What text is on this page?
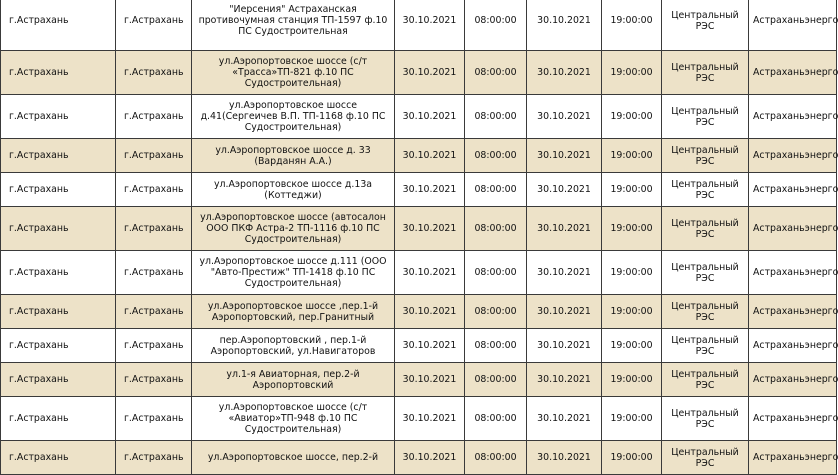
г.Астрахань	г.Астрахань	"Иерсения" Астраханская противочумная станция ТП-1597 ф.10 ПС Судостроительная	30.10.2021	08:00:00	30.10.2021	19:00:00	Центральный РЭС	Астраханьэнерго
г.Астрахань	г.Астрахань	ул.Аэропортовское шоссе (с/т «Трасса»ТП-821 ф.10 ПС Судостроительная)	30.10.2021	08:00:00	30.10.2021	19:00:00	Центральный РЭС	Астраханьэнерго
г.Астрахань	г.Астрахань	ул.Аэропортовское шоссе д.41(Сергеичев В.П. ТП-1168 ф.10 ПС Судостроительная)	30.10.2021	08:00:00	30.10.2021	19:00:00	Центральный РЭС	Астраханьэнерго
г.Астрахань	г.Астрахань	ул.Аэропортовское шоссе д. 33 (Варданян А.А.)	30.10.2021	08:00:00	30.10.2021	19:00:00	Центральный РЭС	Астраханьэнерго
г.Астрахань	г.Астрахань	ул.Аэропортовское шоссе д.13а (Коттеджи)	30.10.2021	08:00:00	30.10.2021	19:00:00	Центральный РЭС	Астраханьэнерго
г.Астрахань	г.Астрахань	ул.Аэропортовское шоссе (автосалон ООО ПКФ Астра-2 ТП-1116 ф.10 ПС Судостроительная)	30.10.2021	08:00:00	30.10.2021	19:00:00	Центральный РЭС	Астраханьэнерго
г.Астрахань	г.Астрахань	ул.Аэропортовское шоссе д.111 (ООО "Авто-Престиж" ТП-1418 ф.10 ПС Судостроительная)	30.10.2021	08:00:00	30.10.2021	19:00:00	Центральный РЭС	Астраханьэнерго
г.Астрахань	г.Астрахань	ул.Аэропортовское шоссе ,пер.1-й Аэропортовский, пер.Гранитный	30.10.2021	08:00:00	30.10.2021	19:00:00	Центральный РЭС	Астраханьэнерго
г.Астрахань	г.Астрахань	пер.Аэропортовский , пер.1-й Аэропортовский, ул.Навигаторов	30.10.2021	08:00:00	30.10.2021	19:00:00	Центральный РЭС	Астраханьэнерго
г.Астрахань	г.Астрахань	ул.1-я Авиаторная, пер.2-й Аэропортовский	30.10.2021	08:00:00	30.10.2021	19:00:00	Центральный РЭС	Астраханьэнерго
г.Астрахань	г.Астрахань	ул.Аэропортовское шоссе (с/т «Авиатор»ТП-948 ф.10 ПС Судостроительная)	30.10.2021	08:00:00	30.10.2021	19:00:00	Центральный РЭС	Астраханьэнерго
г.Астрахань	г.Астрахань	ул.Аэропортовское шоссе, пер.2-й	30.10.2021	08:00:00	30.10.2021	19:00:00	Центральный РЭС	Астраханьэнерго
